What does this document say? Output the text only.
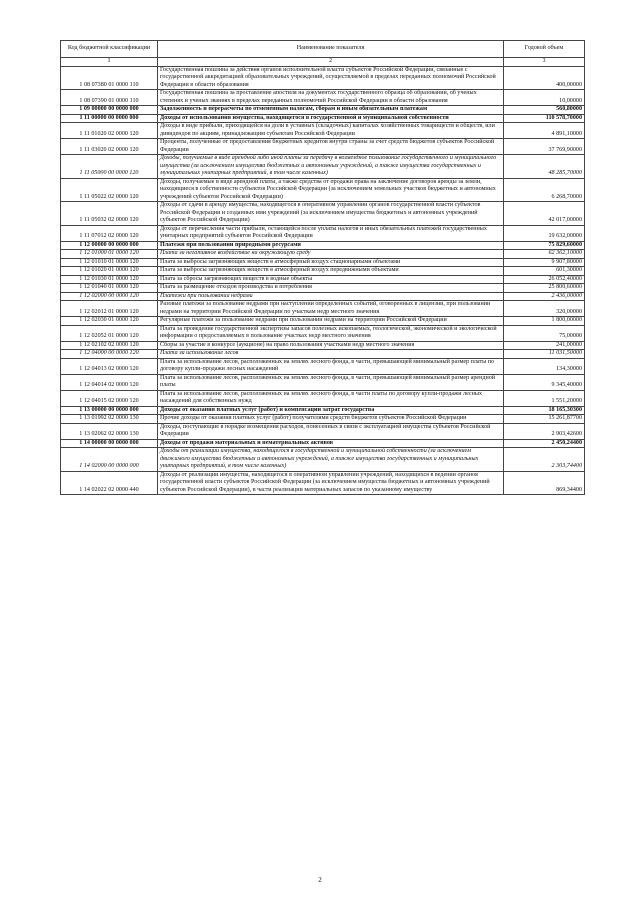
Код бюджетной классификации	Наименование показателя	Годовой объем
1	2	3
1 08 07380 01 0000 110	Государственная пошлина за действия органов исполнительной власти субъектов Российской Федерации, связанные с государственной аккредитацией образовательных учреждений, осуществляемой в пределах переданных полномочий Российской Федерации в области образования	400,00000
1 08 07390 01 0000 110	Государственная пошлина за проставление апостиля на документах государственного образца об образовании, об ученых степенях и ученых званиях в пределах переданных полномочий Российской Федерации в области образования	10,00000
1 09 00000 00 0000 000	Задолженность и перерасчеты по отмененным налогам, сборам и иным обязательным платежам	560,80000
1 11 00000 00 0000 000	Доходы от использования имущества, находящегося в государственной и муниципальной собственности	110 578,70000
1 11 01020 02 0000 120	Доходы в виде прибыли, приходящейся на доли в уставных (складочных) капиталах хозяйственных товариществ и обществ, или дивидендов по акциям, принадлежащим субъектам Российской Федерации	4 891,10000
1 11 03020 02 0000 120	Проценты, полученные от предоставления бюджетных кредитов внутри страны за счет средств бюджетов субъектов Российской Федерации	37 769,90000
1 11 05000 00 0000 120	Доходы, получаемые в виде арендной либо иной платы за передачу в возмездное пользование государственного и муниципального имущества (за исключением имущества бюджетных и автономных учреждений, а также имущества государственных и муниципальных унитарных предприятий, в том числе казенных)	48 285,70000
1 11 05022 02 0000 120	Доходы, получаемые в виде арендной платы, а также средства от продажи права на заключение договоров аренды за земли, находящиеся в собственности субъектов Российской Федерации (за исключением земельных участков бюджетных и автономных учреждений субъектов Российской Федерации)	6 268,70000
1 11 05032 02 0000 120	Доходы от сдачи в аренду имущества, находящегося в оперативном управлении органов государственной власти субъектов Российской Федерации и созданных ими учреждений (за исключением имущества бюджетных и автономных учреждений субъектов Российской Федерации)	42 017,00000
1 11 07012 02 0000 120	Доходы от перечисления части прибыли, остающейся после уплаты налогов и иных обязательных платежей государственных унитарных предприятий субъектов Российской Федерации	19 632,00000
1 12 00000 00 0000 000	Платежи при пользовании природными ресурсами	75 829,60000
1 12 01000 01 0000 120	Плата за негативное воздействие на окружающую среду	62 362,10000
1 12 01010 01 0000 120	Плата за выбросы загрязняющих веществ в атмосферный воздух стационарными объектами	9 907,80000
1 12 01020 01 0000 120	Плата за выбросы загрязняющих веществ в атмосферный воздух передвижными объектами	601,30000
1 12 01030 01 0000 120	Плата за сбросы загрязняющих веществ в водные объекты	26 052,40000
1 12 01040 01 0000 120	Плата за размещение отходов производства и потребления	25 800,60000
1 12 02000 00 0000 120	Платежи при пользовании недрами	2 436,00000
1 12 02012 01 0000 120	Разовые платежи за пользование недрами при наступлении определенных событий, оговоренных в лицензии, при пользовании недрами на территории Российской Федерации по участкам недр местного значения	320,00000
1 12 02030 01 0000 120	Регулярные платежи за пользование недрами при пользовании недрами на территории Российской Федерации	1 800,00000
1 12 02052 01 0000 120	Плата за проведение государственной экспертизы запасов полезных ископаемых, геологической, экономической и экологической информации о предоставляемых в пользование участках недр местного значения	75,00000
1 12 02102 02 0000 120	Сборы за участие в конкурсе (аукционе) на право пользования участками недр местного значения	241,00000
1 12 04000 00 0000 120	Плата за использование лесов	11 031,50000
1 12 04013 02 0000 120	Плата за использование лесов, расположенных на землях лесного фонда, в части, превышающей минимальный размер платы по договору купли-продажи лесных насаждений	134,30000
1 12 04014 02 0000 120	Плата за использование лесов, расположенных на землях лесного фонда, в части, превышающей минимальный размер арендной платы	9 345,40000
1 12 04015 02 0000 120	Плата за использование лесов, расположенных на землях лесного фонда, в части платы по договору купли-продажи лесных насаждений для собственных нужд	1 551,20000
1 13 00000 00 0000 000	Доходы от оказания платных услуг (работ) и компенсации затрат государства	18 165,30300
1 13 01992 02 0000 130	Прочие доходы от оказания платных услуг (работ) получателями средств бюджетов субъектов Российской Федерации	15 261,87700
1 13 02062 02 0000 130	Доходы, поступающие в порядке возмещения расходов, понесенных в связи с эксплуатацией имущества субъектов Российской Федерации	2 903,42600
1 14 00000 00 0000 000	Доходы от продажи материальных и нематериальных активов	2 450,24400
1 14 02000 00 0000 000	Доходы от реализации имущества, находящегося в государственной и муниципальной собственности (за исключением движимого имущества бюджетных и автономных учреждений, а также имущества государственных и муниципальных унитарных предприятий, в том числе казенных)	2 303,74400
1 14 02022 02 0000 440	Доходы от реализации имущества, находящегося в оперативном управлении учреждений, находящихся в ведении органов государственной власти субъектов Российской Федерации (за исключением имущества бюджетных и автономных учреждений субъектов Российской Федерации), в части реализации материальных запасов по указанному имуществу	869,34400
2
